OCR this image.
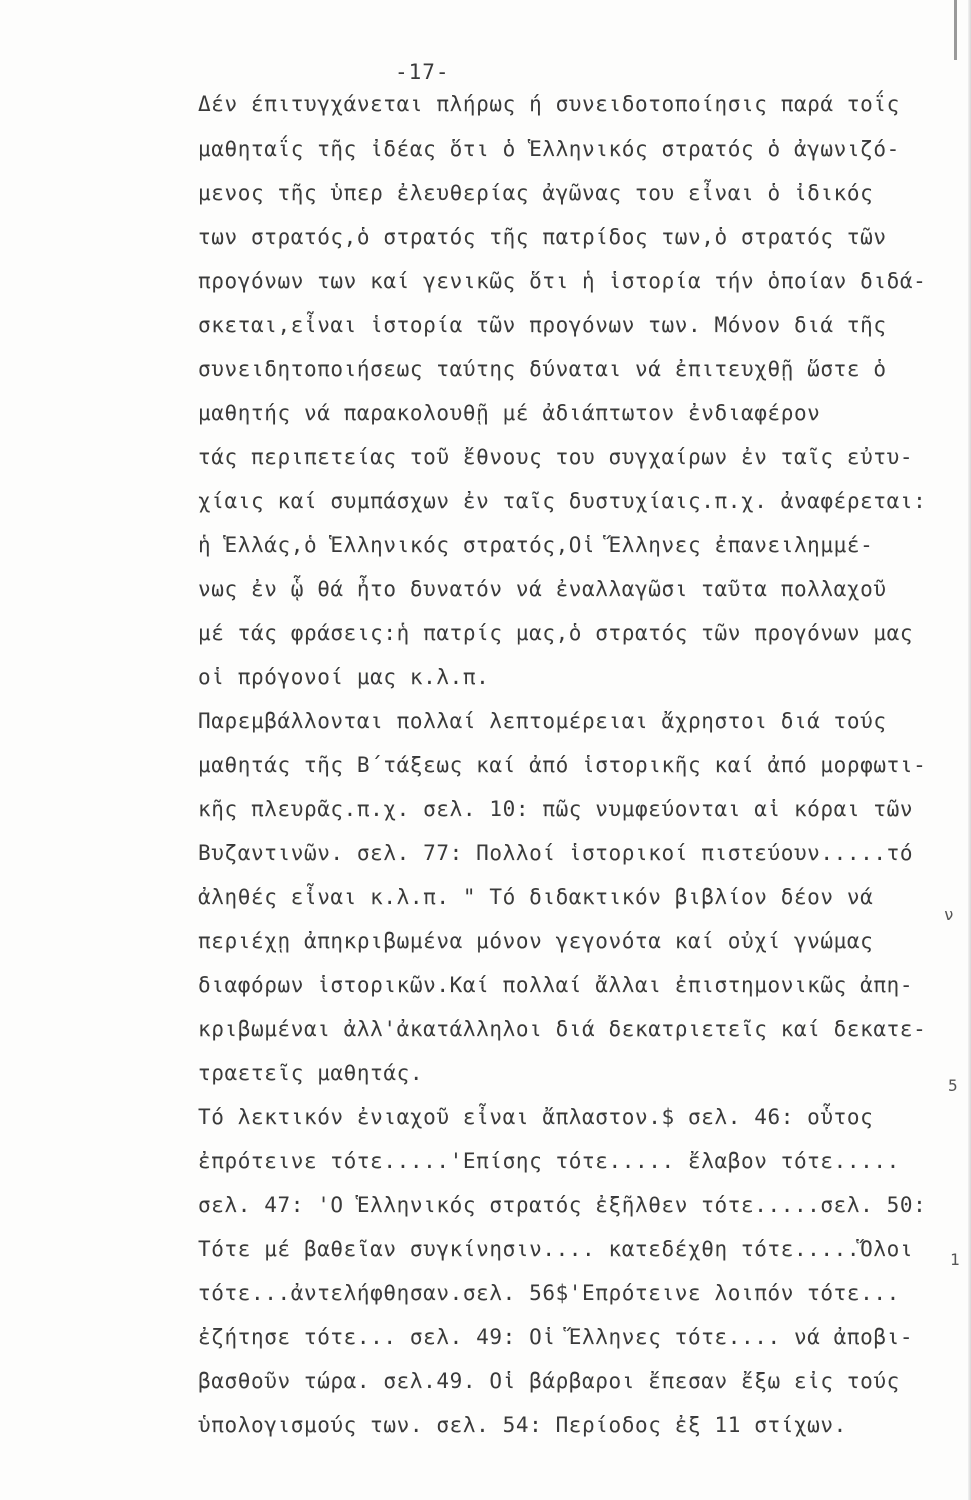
-17-
Δέν έπιτυγχάνεται πλήρως ή συνειδοτοποίησις παρά τοΐς
μαθηταΐς τῆς ἰδέας ὅτι ὁ Ἑλληνικός στρατός ὁ ἀγωνιζό-
μενος τῆς ὑπερ ἐλευθερίας ἀγῶνας του εἶναι ὁ ἰδικός
των στρατός,ὁ στρατός τῆς πατρίδος των,ὁ στρατός τῶν
προγόνων των καί γενικῶς ὅτι ἡ ἱστορία τήν ὁποίαν διδά-
σκεται,εἶναι ἱστορία τῶν προγόνων των. Μόνον διά τῆς
συνειδητοποιήσεως ταύτης δύναται νά ἐπιτευχθῇ ὥστε ὁ
μαθητής νά παρακολουθῇ μέ ἀδιάπτωτον ἐνδιαφέρον
τάς περιπετείας τοῦ ἔθνους του συγχαίρων ἐν ταῖς εὐτυ-
χίαις καί συμπάσχων ἐν ταῖς δυστυχίαις.π.χ. ἀναφέρεται:
ἡ Ἑλλάς,ὁ Ἑλληνικός στρατός,Οἱ Ἕλληνες ἐπανειλημμέ-
νως ἐν ᾧ θά ἦτο δυνατόν νά ἐναλλαγῶσι ταῦτα πολλαχοῦ
μέ τάς φράσεις:ἡ πατρίς μας,ὁ στρατός τῶν προγόνων μας
οἱ πρόγονοί μας κ.λ.π.
Παρεμβάλλονται πολλαί λεπτομέρειαι ἄχρηστοι διά τούς
μαθητάς τῆς Β΄τάξεως καί ἀπό ἱστορικῆς καί ἀπό μορφωτι-
κῆς πλευρᾶς.π.χ. σελ. 10: πῶς νυμφεύονται αἱ κόραι τῶν
Βυζαντινῶν. σελ. 77: Πολλοί ἱστορικοί πιστεύουν.....τό
ἀληθές εἶναι κ.λ.π. " Τό διδακτικόν βιβλίον δέον νά
περιέχῃ ἀπηκριβωμένα μόνον γεγονότα καί οὐχί γνώμας
διαφόρων ἱστορικῶν.Καί πολλαί ἄλλαι ἐπιστημονικῶς ἀπη-
κριβωμέναι ἀλλ'ἀκατάλληλοι διά δεκατριετεῖς καί δεκατε-
τραετεῖς μαθητάς.
Τό λεκτικόν ἐνιαχοῦ εἶναι ἄπλαστον.$ σελ. 46: οὗτος
ἐπρότεινε τότε.....'Επίσης τότε..... ἔλαβον τότε.....
σελ. 47: 'Ο Ἑλληνικός στρατός ἐξῆλθεν τότε.....σελ. 50:
Τότε μέ βαθεῖαν συγκίνησιν.... κατεδέχθη τότε.....Ὅλοι
τότε...ἀντελήφθησαν.σελ. 56$'Επρότεινε λοιπόν τότε...
ἐζήτησε τότε... σελ. 49: Οἱ Ἕλληνες τότε.... νά ἀποβι-
βασθοῦν τώρα. σελ.49. Οἱ βάρβαροι ἔπεσαν ἔξω εἰς τούς
ὑπολογισμούς των. σελ. 54: Περίοδος ἐξ 11 στίχων.
ν
5
1
